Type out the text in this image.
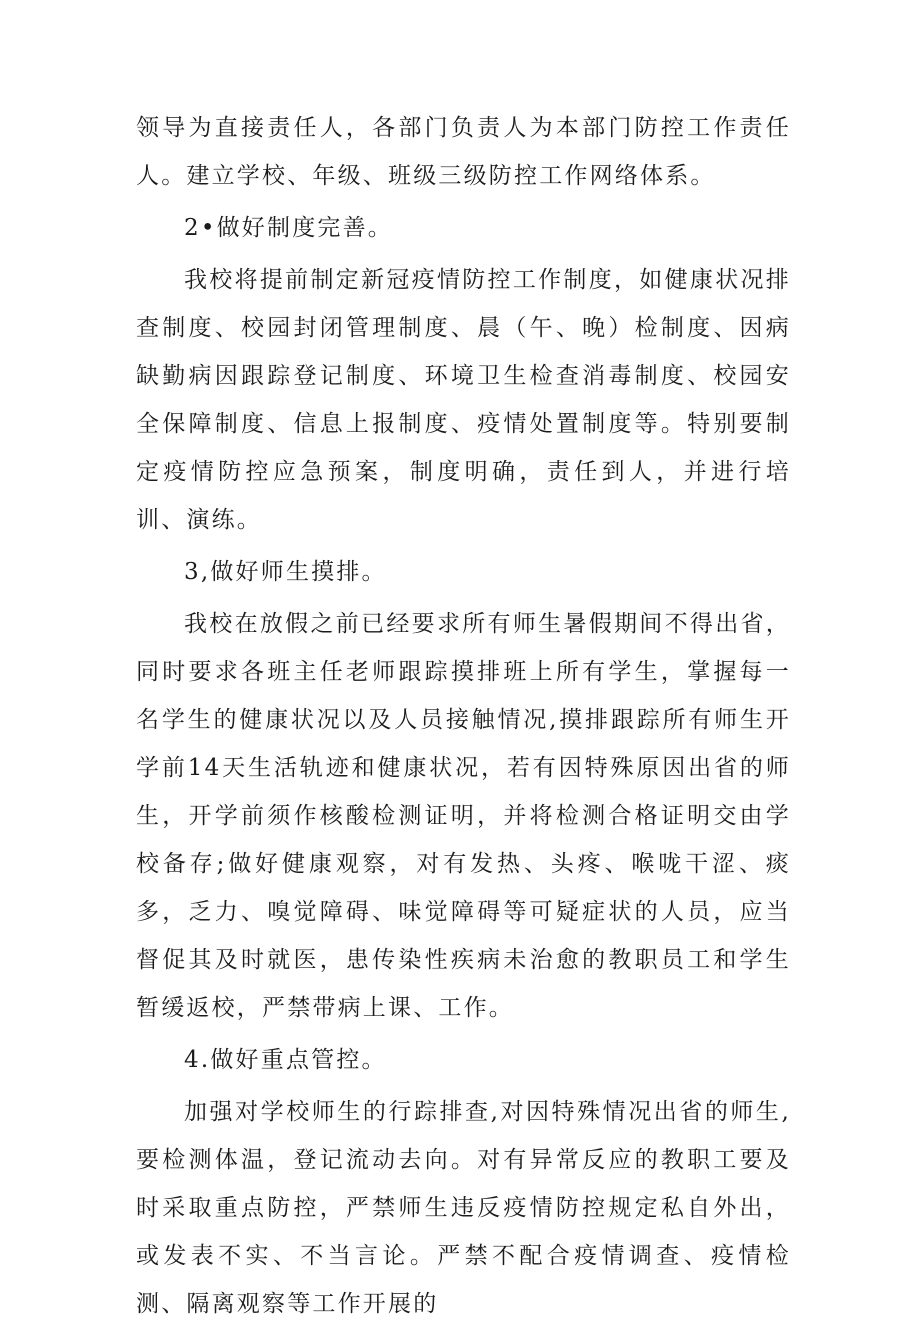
领导为直接责任人，各部门负责人为本部门防控工作责任人。建立学校、年级、班级三级防控工作网络体系。

2•做好制度完善。

我校将提前制定新冠疫情防控工作制度，如健康状况排查制度、校园封闭管理制度、晨（午、晚）检制度、因病缺勤病因跟踪登记制度、环境卫生检查消毒制度、校园安全保障制度、信息上报制度、疫情处置制度等。特别要制定疫情防控应急预案，制度明确，责任到人，并进行培训、演练。

3,做好师生摸排。

我校在放假之前已经要求所有师生暑假期间不得出省，同时要求各班主任老师跟踪摸排班上所有学生，掌握每一名学生的健康状况以及人员接触情况,摸排跟踪所有师生开学前14天生活轨迹和健康状况，若有因特殊原因出省的师生，开学前须作核酸检测证明，并将检测合格证明交由学校备存;做好健康观察，对有发热、头疼、喉咙干涩、痰多，乏力、嗅觉障碍、味觉障碍等可疑症状的人员，应当督促其及时就医，患传染性疾病未治愈的教职员工和学生暂缓返校，严禁带病上课、工作。

4.做好重点管控。

加强对学校师生的行踪排查,对因特殊情况出省的师生,要检测体温，登记流动去向。对有异常反应的教职工要及时采取重点防控，严禁师生违反疫情防控规定私自外出，或发表不实、不当言论。严禁不配合疫情调查、疫情检测、隔离观察等工作开展的
